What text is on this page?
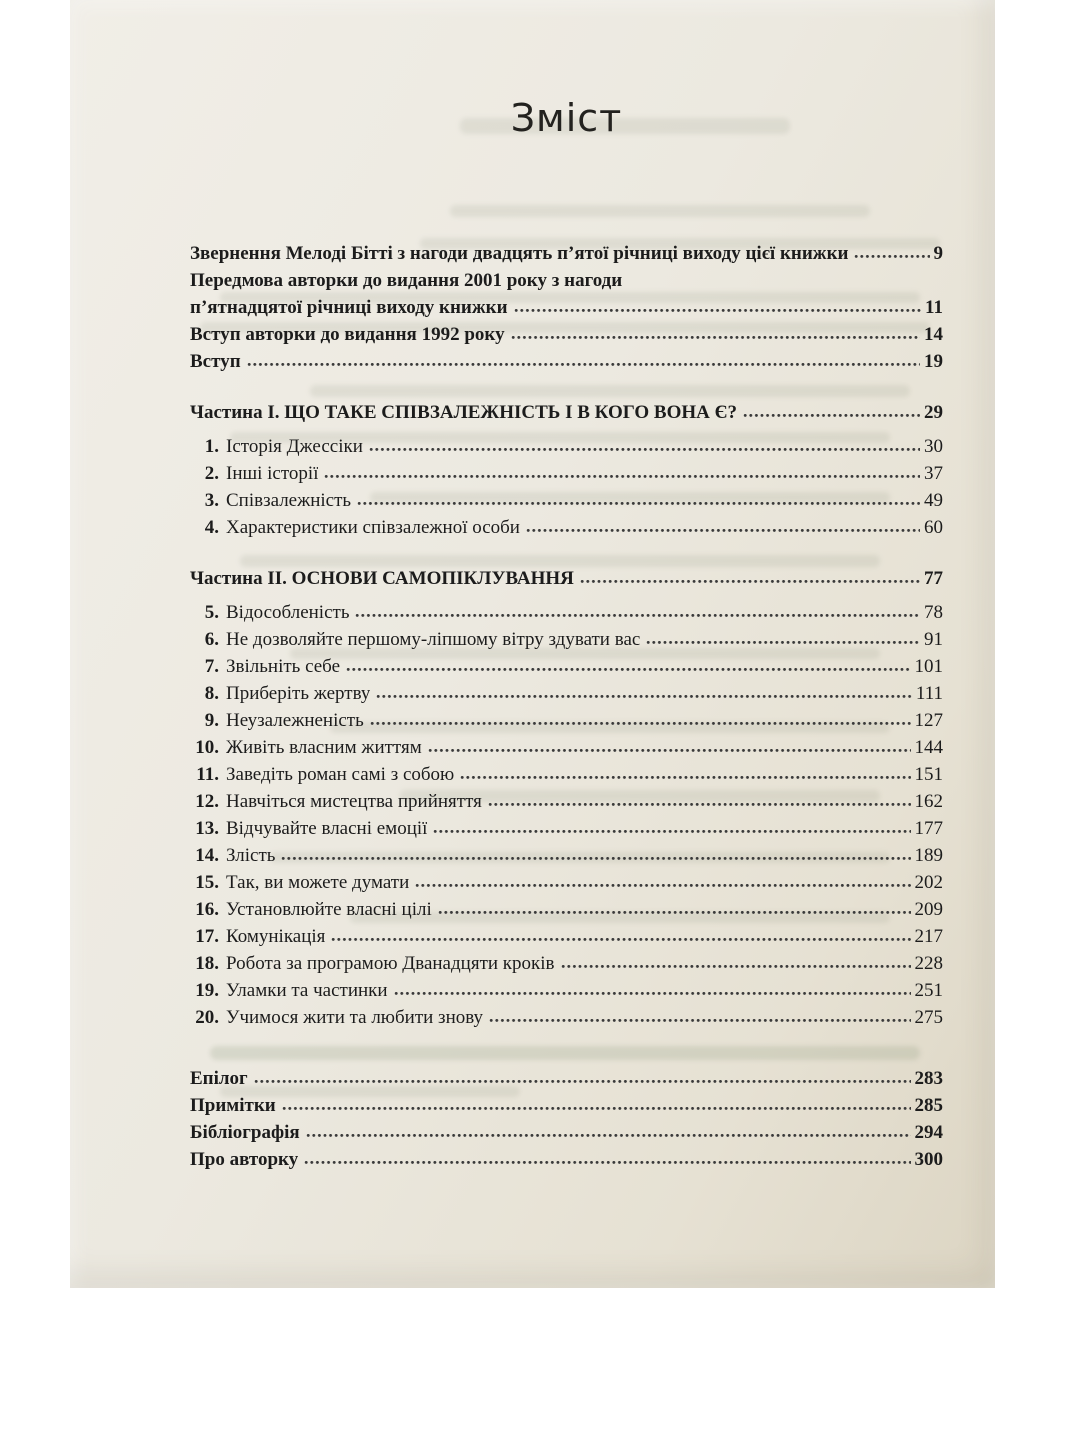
Зміст
Звернення Мелоді Бітті з нагоди двадцять п’ятої річниці виходу цієї книжки	9
Передмова авторки до видання 2001 року з нагоди
п’ятнадцятої річниці виходу книжки	11
Вступ авторки до видання 1992 року	14
Вступ	19
Частина I. ЩО ТАКЕ СПІВЗАЛЕЖНІСТЬ І В КОГО ВОНА Є?	29
1. Історія Джессіки	30
2. Інші історії	37
3. Співзалежність	49
4. Характеристики співзалежної особи	60
Частина II. ОСНОВИ САМОПІКЛУВАННЯ	77
5. Відособленість	78
6. Не дозволяйте першому-ліпшому вітру здувати вас	91
7. Звільніть себе	101
8. Приберіть жертву	111
9. Неузалежненість	127
10. Живіть власним життям	144
11. Заведіть роман самі з собою	151
12. Навчіться мистецтва прийняття	162
13. Відчувайте власні емоції	177
14. Злість	189
15. Так, ви можете думати	202
16. Установлюйте власні цілі	209
17. Комунікація	217
18. Робота за програмою Дванадцяти кроків	228
19. Уламки та частинки	251
20. Учимося жити та любити знову	275
Епілог	283
Примітки	285
Бібліографія	294
Про авторку	300
